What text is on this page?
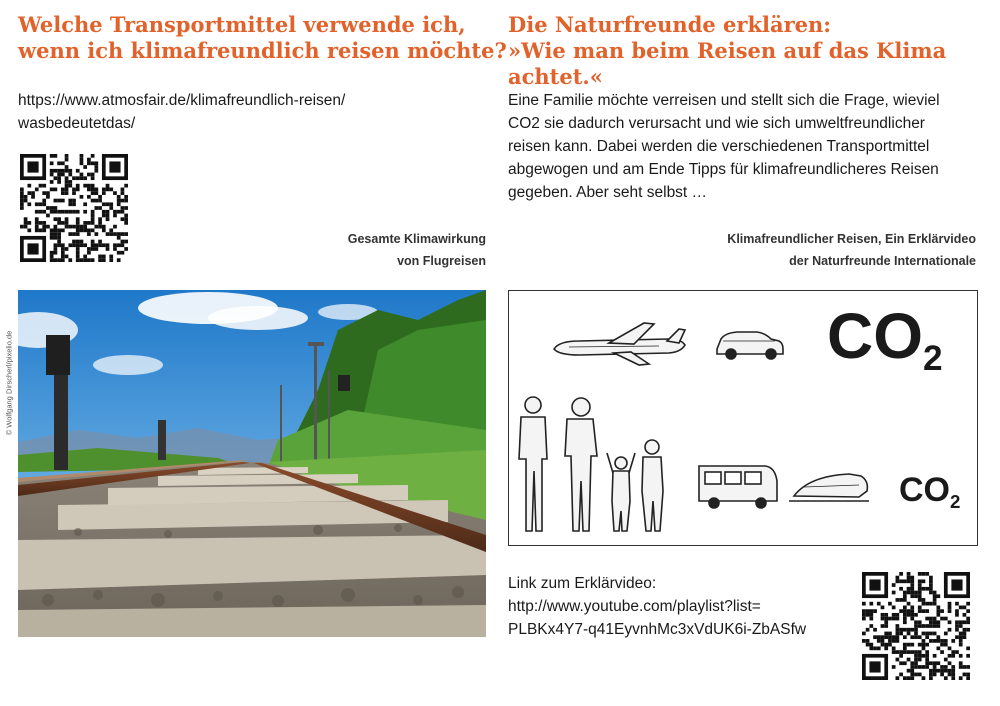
Welche Transportmittel verwende ich,
wenn ich klimafreundlich reisen möchte?

https://www.atmosfair.de/klimafreundlich-reisen/
wasbedeutetdas/

Gesamte Klimawirkung
von Flugreisen
© Wolfgang Dirscherl/pixelio.de
Die Naturfreunde erklären:
»Wie man beim Reisen auf das Klima achtet.«

Eine Familie möchte verreisen und stellt sich die Frage, wieviel
CO2 sie dadurch verursacht und wie sich umweltfreundlicher
reisen kann. Dabei werden die verschiedenen Transportmittel
abgewogen und am Ende Tipps für klimafreundlicheres Reisen
gegeben. Aber seht selbst …

Klimafreundlicher Reisen, Ein Erklärvideo
der Naturfreunde Internationale
$CO_2$
$CO_2$

Link zum Erklärvideo:
http://www.youtube.com/playlist?list=
PLBKx4Y7-q41EyvnhMc3xVdUK6i-ZbASfw
